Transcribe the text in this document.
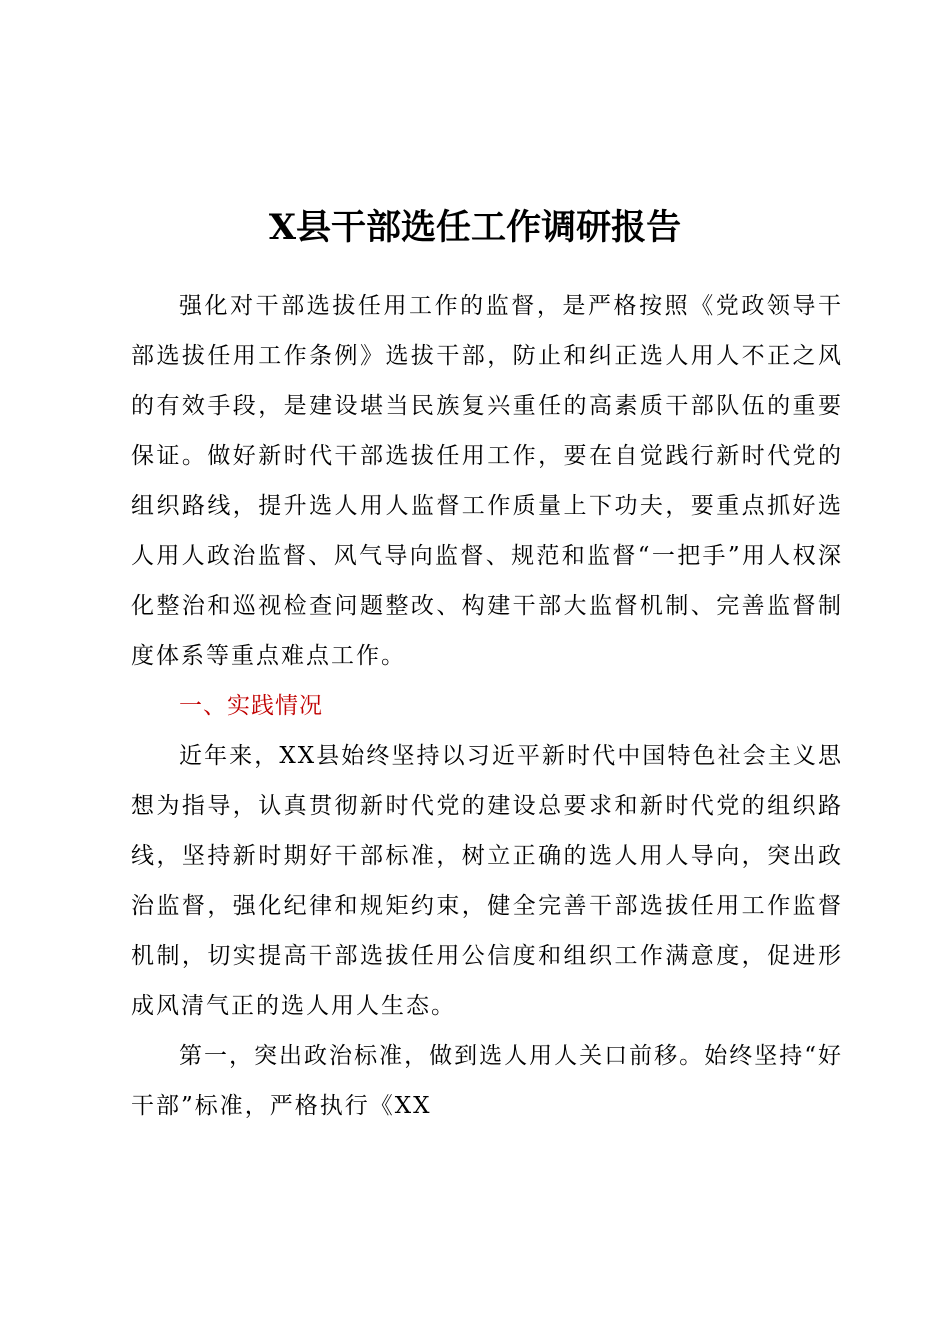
X县干部选任工作调研报告

强化对干部选拔任用工作的监督，是严格按照《党政领导干部选拔任用工作条例》选拔干部，防止和纠正选人用人不正之风的有效手段，是建设堪当民族复兴重任的高素质干部队伍的重要保证。做好新时代干部选拔任用工作，要在自觉践行新时代党的组织路线，提升选人用人监督工作质量上下功夫，要重点抓好选人用人政治监督、风气导向监督、规范和监督“一把手”用人权深化整治和巡视检查问题整改、构建干部大监督机制、完善监督制度体系等重点难点工作。

一、实践情况

近年来，XX县始终坚持以习近平新时代中国特色社会主义思想为指导，认真贯彻新时代党的建设总要求和新时代党的组织路线，坚持新时期好干部标准，树立正确的选人用人导向，突出政治监督，强化纪律和规矩约束，健全完善干部选拔任用工作监督机制，切实提高干部选拔任用公信度和组织工作满意度，促进形成风清气正的选人用人生态。

第一，突出政治标准，做到选人用人关口前移。始终坚持“好干部”标准，严格执行《XX
